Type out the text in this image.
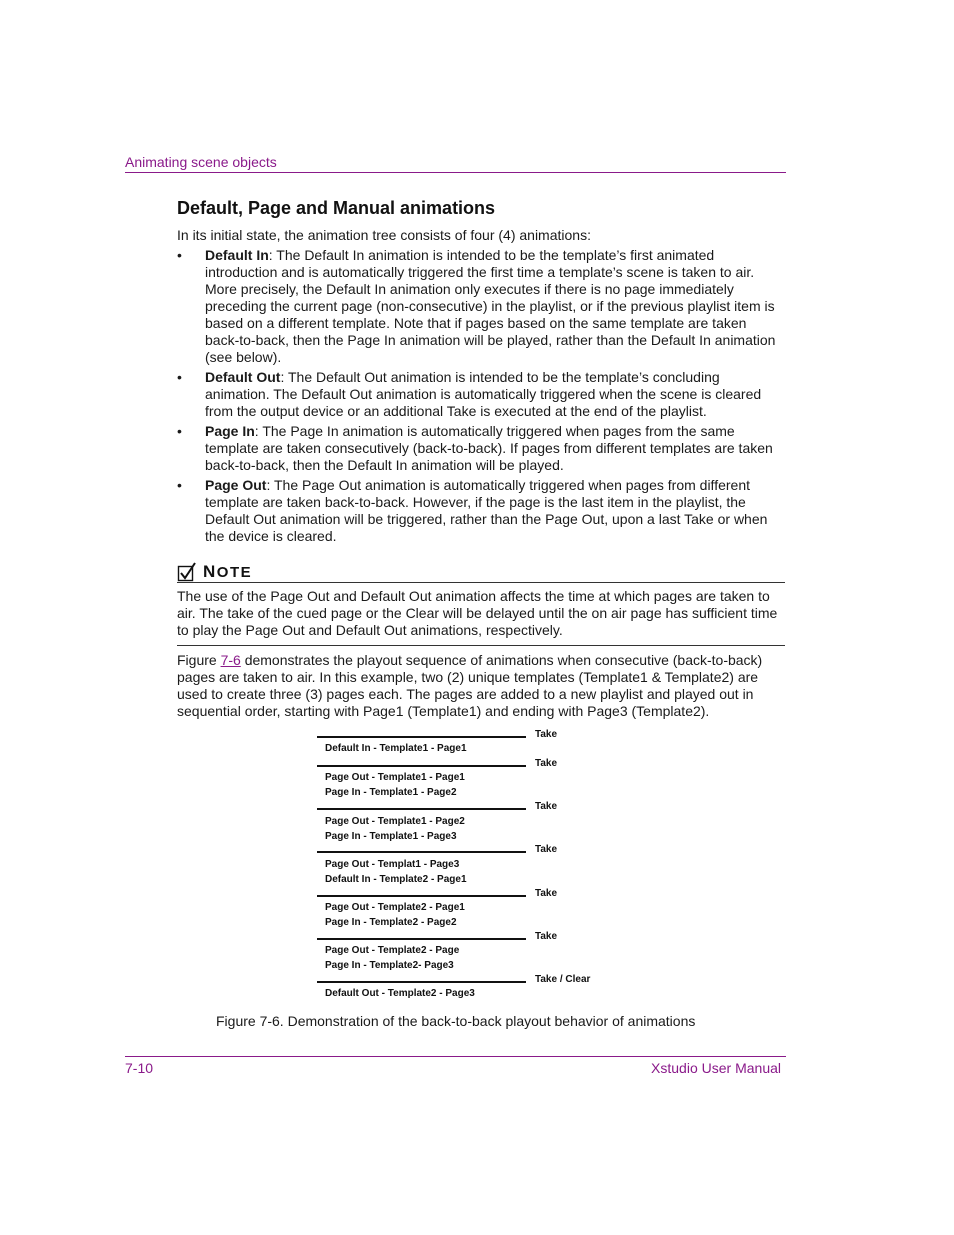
Animating scene objects
Default, Page and Manual animations

In its initial state, the animation tree consists of four (4) animations:

• Default In: The Default In animation is intended to be the template’s first animated introduction and is automatically triggered the first time a template’s scene is taken to air. More precisely, the Default In animation only executes if there is no page immediately preceding the current page (non-consecutive) in the playlist, or if the previous playlist item is based on a different template. Note that if pages based on the same template are taken back-to-back, then the Page In animation will be played, rather than the Default In animation (see below).
• Default Out: The Default Out animation is intended to be the template’s concluding animation. The Default Out animation is automatically triggered when the scene is cleared from the output device or an additional Take is executed at the end of the playlist.
• Page In: The Page In animation is automatically triggered when pages from the same template are taken consecutively (back-to-back). If pages from different templates are taken back-to-back, then the Default In animation will be played.
• Page Out: The Page Out animation is automatically triggered when pages from different template are taken back-to-back. However, if the page is the last item in the playlist, the Default Out animation will be triggered, rather than the Page Out, upon a last Take or when the device is cleared.
NOTE

The use of the Page Out and Default Out animation affects the time at which pages are taken to air. The take of the cued page or the Clear will be delayed until the on air page has sufficient time to play the Page Out and Default Out animations, respectively.

Figure 7-6 demonstrates the playout sequence of animations when consecutive (back-to-back) pages are taken to air. In this example, two (2) unique templates (Template1 & Template2) are used to create three (3) pages each. The pages are added to a new playlist and played out in sequential order, starting with Page1 (Template1) and ending with Page3 (Template2).

Take
Default In - Template1 - Page1
Take
Page Out - Template1 - Page1
Page In - Template1 - Page2
Take
Page Out - Template1 - Page2
Page In - Template1 - Page3
Take
Page Out - Templat1 - Page3
Default In - Template2 - Page1
Take
Page Out - Template2 - Page1
Page In - Template2 - Page2
Take
Page Out - Template2 - Page
Page In - Template2- Page3
Take / Clear
Default Out - Template2 - Page3

Figure 7-6. Demonstration of the back-to-back playout behavior of animations

7-10	Xstudio User Manual
